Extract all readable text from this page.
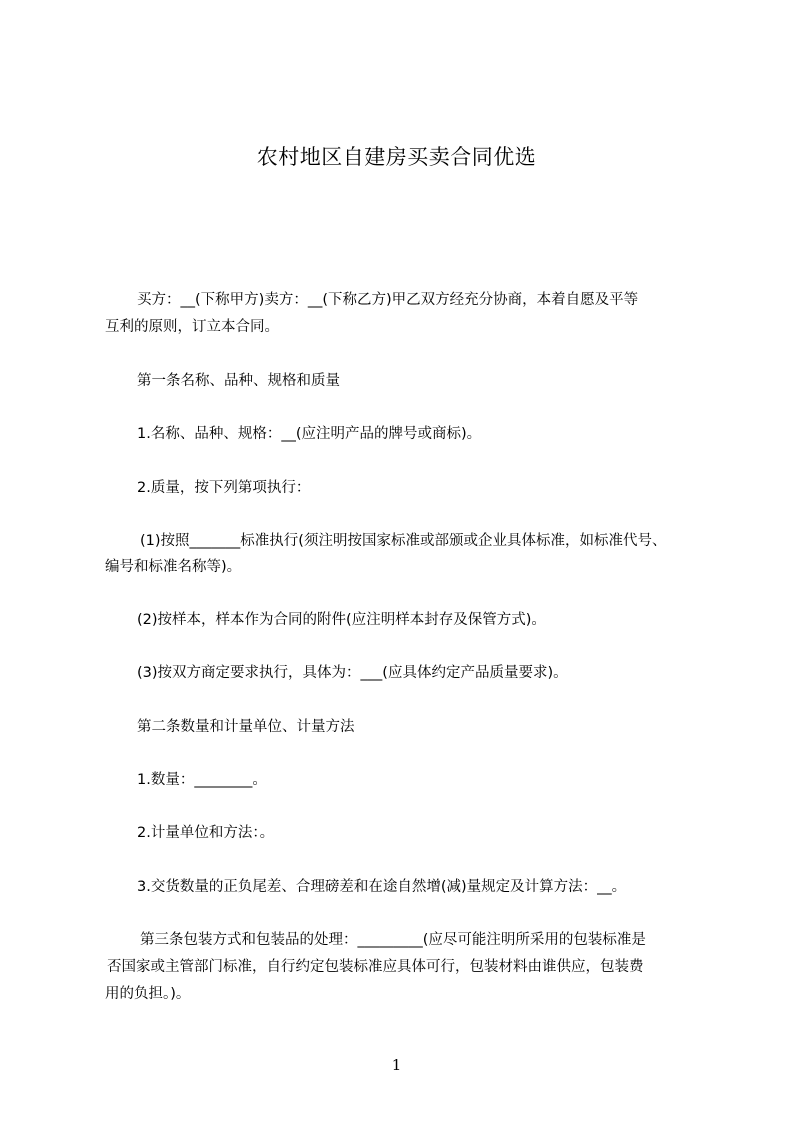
农村地区自建房买卖合同优选
买方：__(下称甲方)卖方：__(下称乙方)甲乙双方经充分协商，本着自愿及平等
互利的原则，订立本合同。
第一条名称、品种、规格和质量
1.名称、品种、规格：__(应注明产品的牌号或商标)。
2.质量，按下列第项执行：
(1)按照_______标准执行(须注明按国家标准或部颁或企业具体标准，如标准代号、
编号和标准名称等)。
(2)按样本，样本作为合同的附件(应注明样本封存及保管方式)。
(3)按双方商定要求执行，具体为：___(应具体约定产品质量要求)。
第二条数量和计量单位、计量方法
1.数量：________。
2.计量单位和方法：。
3.交货数量的正负尾差、合理磅差和在途自然增(减)量规定及计算方法：__。
第三条包装方式和包装品的处理：_________(应尽可能注明所采用的包装标准是
否国家或主管部门标准，自行约定包装标准应具体可行，包装材料由谁供应，包装费
用的负担。)。
1
